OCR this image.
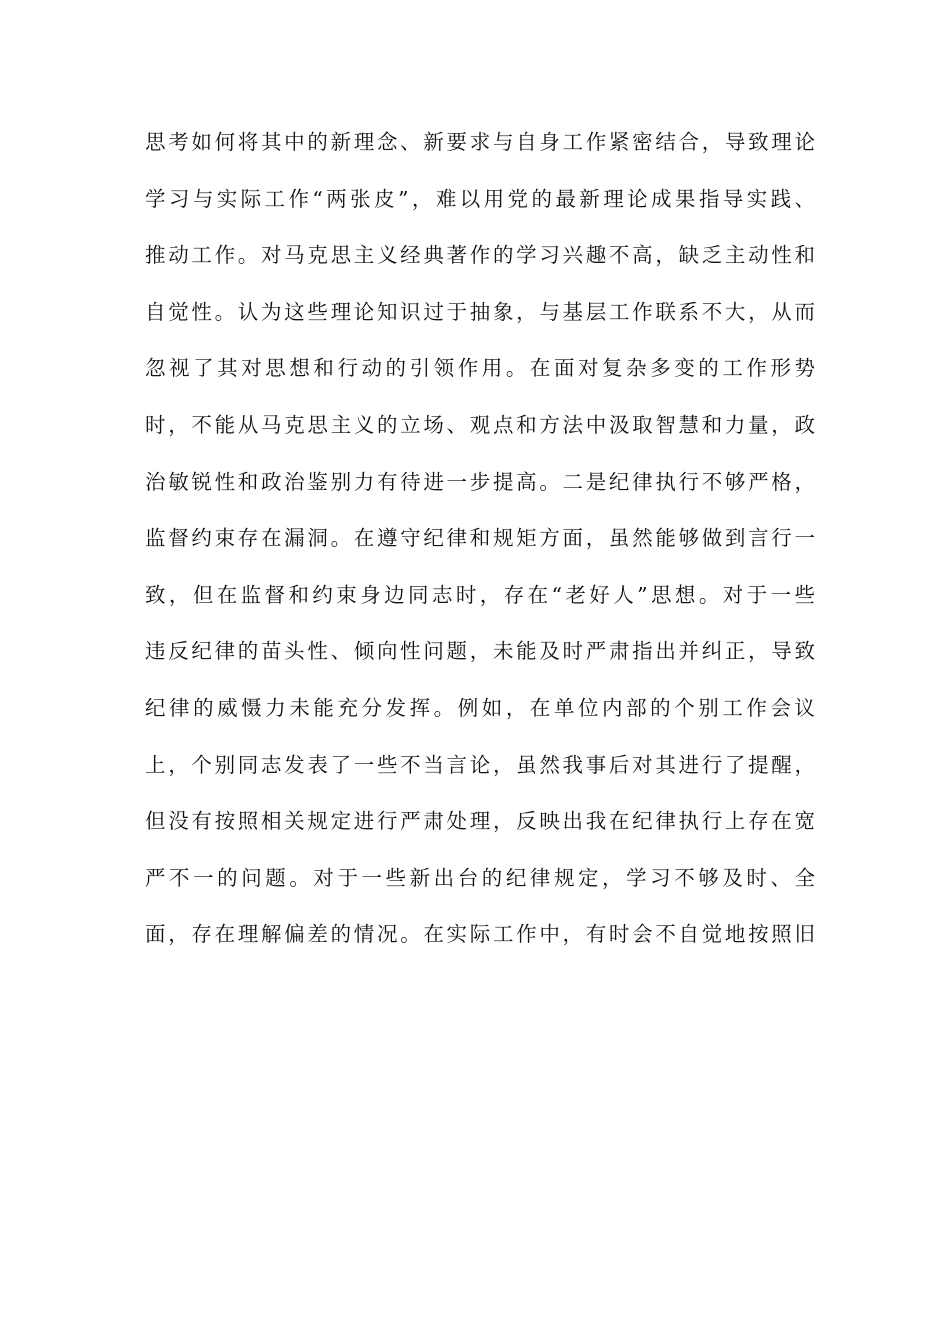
思考如何将其中的新理念、新要求与自身工作紧密结合，导致理论
学习与实际工作“两张皮”，难以用党的最新理论成果指导实践、
推动工作。对马克思主义经典著作的学习兴趣不高，缺乏主动性和
自觉性。认为这些理论知识过于抽象，与基层工作联系不大，从而
忽视了其对思想和行动的引领作用。在面对复杂多变的工作形势
时，不能从马克思主义的立场、观点和方法中汲取智慧和力量，政
治敏锐性和政治鉴别力有待进一步提高。二是纪律执行不够严格，
监督约束存在漏洞。在遵守纪律和规矩方面，虽然能够做到言行一
致，但在监督和约束身边同志时，存在“老好人”思想。对于一些
违反纪律的苗头性、倾向性问题，未能及时严肃指出并纠正，导致
纪律的威慑力未能充分发挥。例如，在单位内部的个别工作会议
上，个别同志发表了一些不当言论，虽然我事后对其进行了提醒，
但没有按照相关规定进行严肃处理，反映出我在纪律执行上存在宽
严不一的问题。对于一些新出台的纪律规定，学习不够及时、全
面，存在理解偏差的情况。在实际工作中，有时会不自觉地按照旧
